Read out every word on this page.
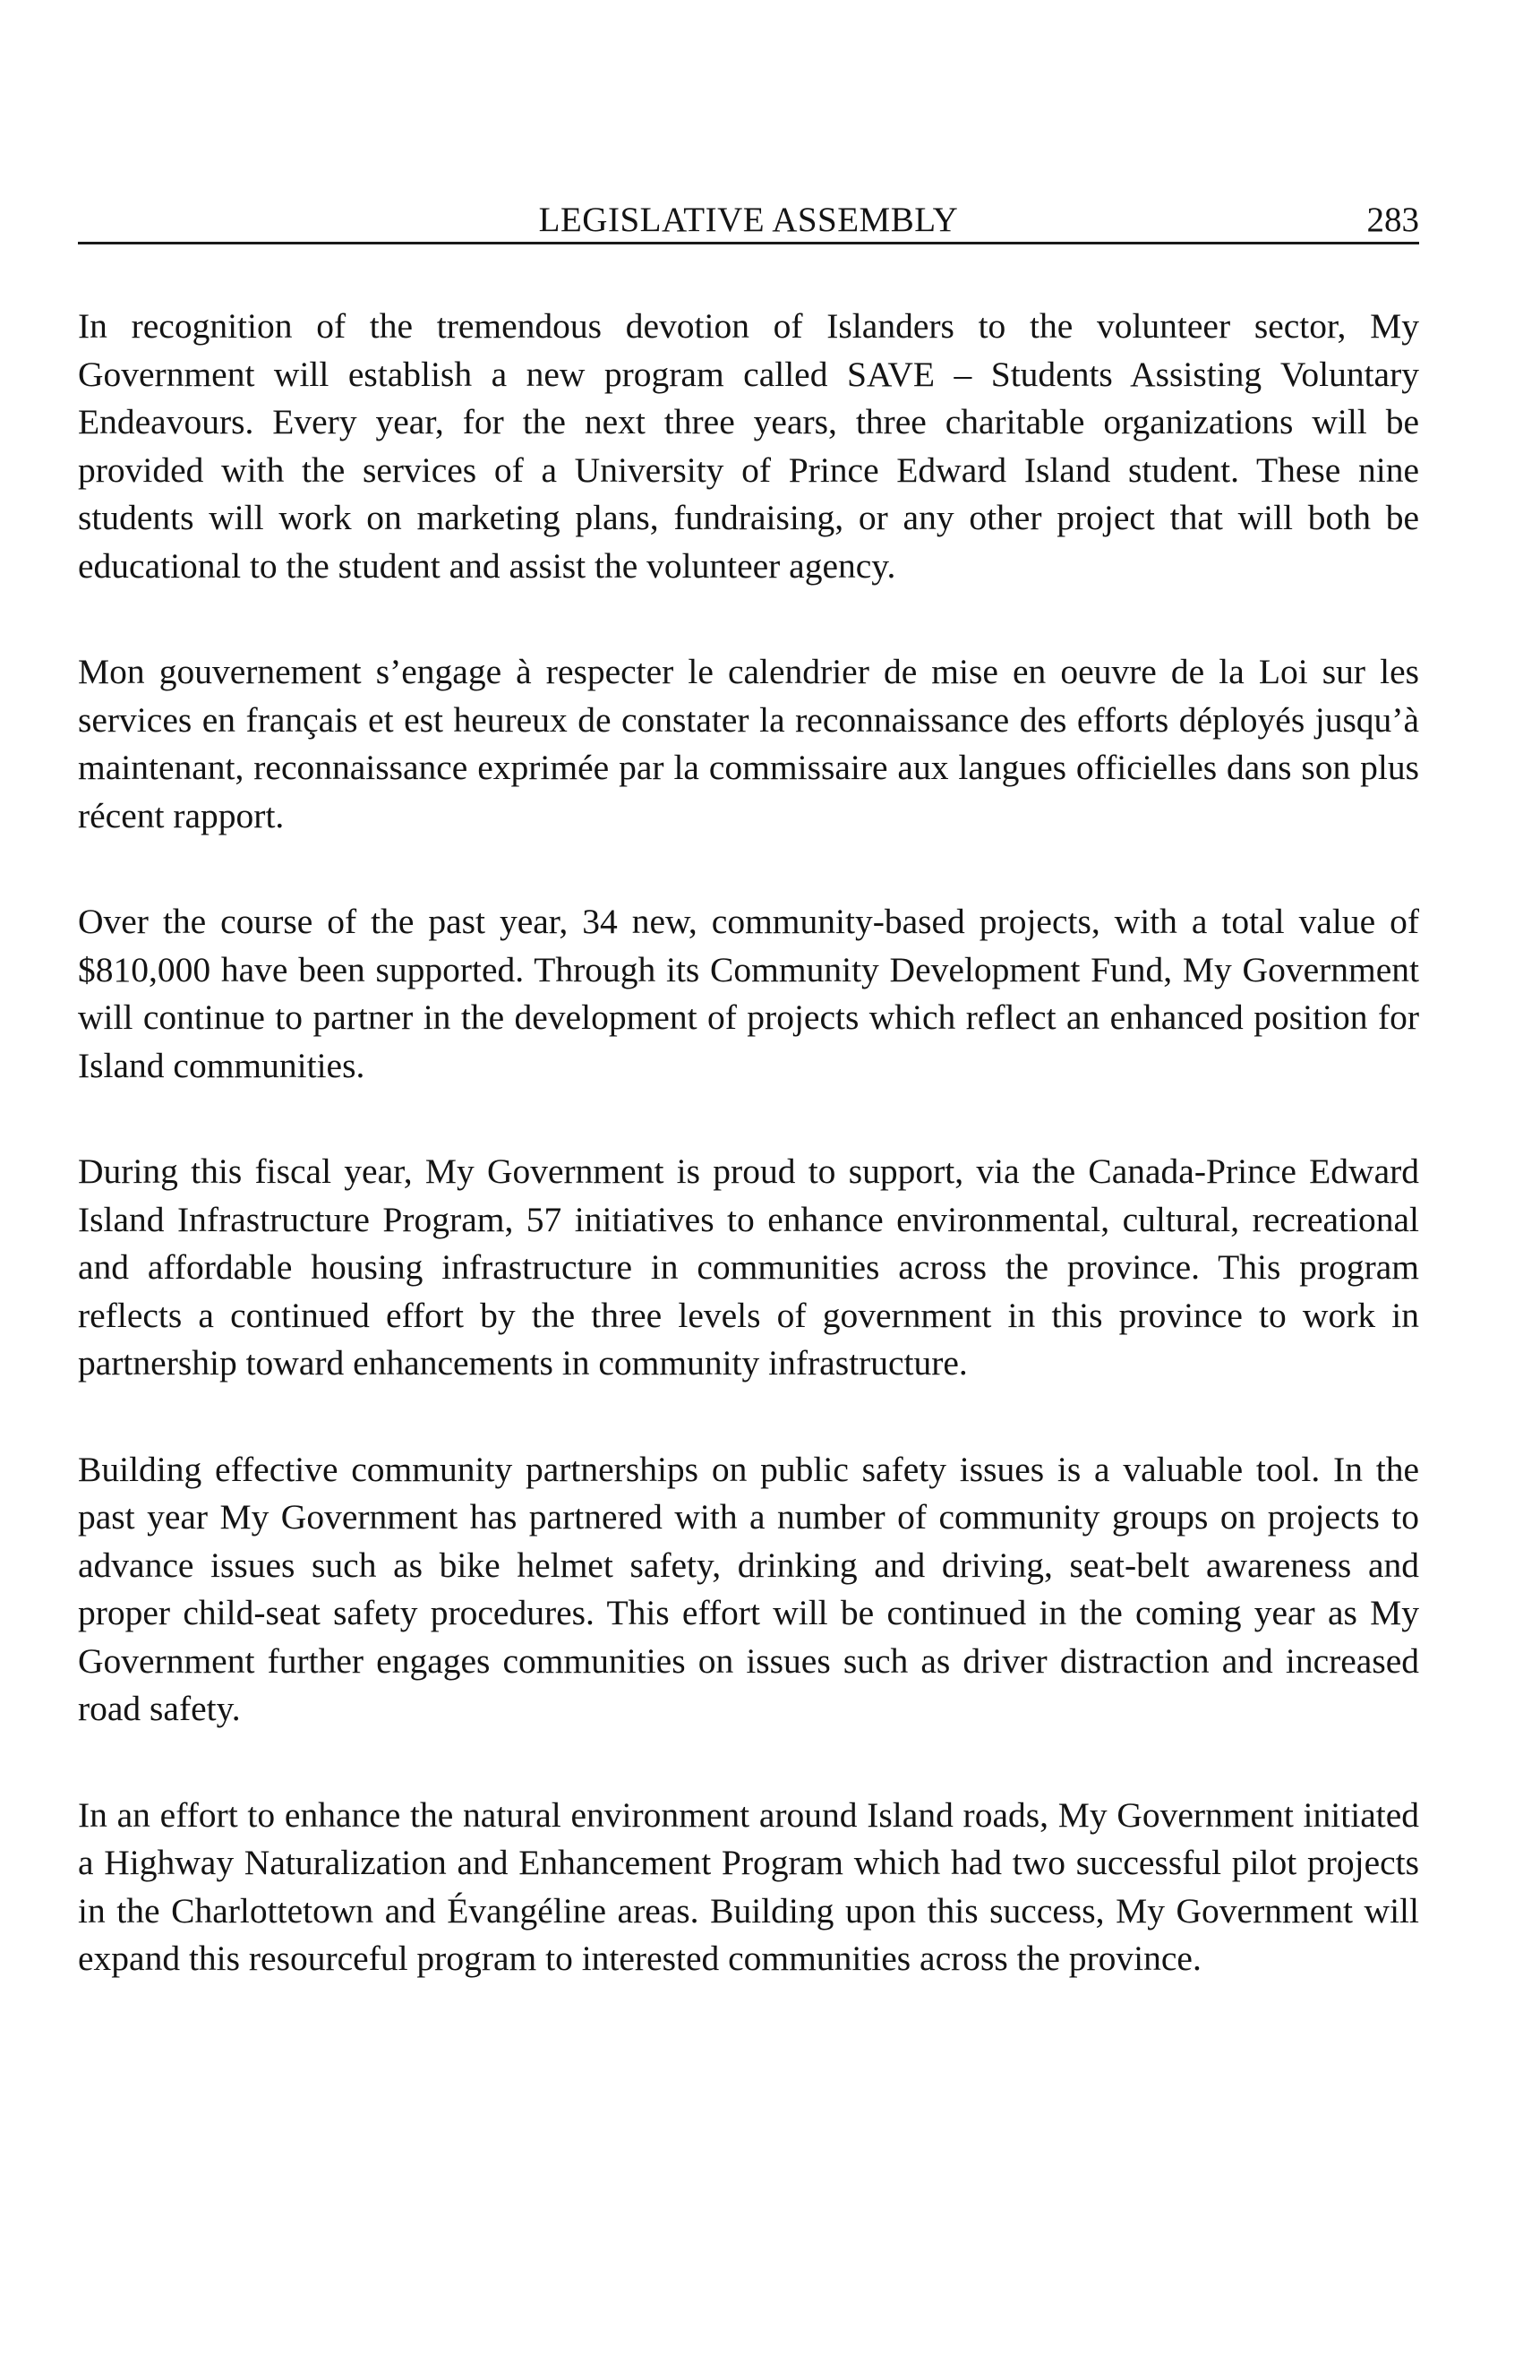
LEGISLATIVE ASSEMBLY	283

In recognition of the tremendous devotion of Islanders to the volunteer sector, My Government will establish a new program called SAVE – Students Assisting Voluntary Endeavours. Every year, for the next three years, three charitable organizations will be provided with the services of a University of Prince Edward Island student. These nine students will work on marketing plans, fundraising, or any other project that will both be educational to the student and assist the volunteer agency.

Mon gouvernement s’engage à respecter le calendrier de mise en oeuvre de la Loi sur les services en français et est heureux de constater la reconnaissance des efforts déployés jusqu’à maintenant, reconnaissance exprimée par la commissaire aux langues officielles dans son plus récent rapport.

Over the course of the past year, 34 new, community-based projects, with a total value of $810,000 have been supported. Through its Community Development Fund, My Government will continue to partner in the development of projects which reflect an enhanced position for Island communities.

During this fiscal year, My Government is proud to support, via the Canada-Prince Edward Island Infrastructure Program, 57 initiatives to enhance environmental, cultural, recreational and affordable housing infrastructure in communities across the province. This program reflects a continued effort by the three levels of government in this province to work in partnership toward enhancements in community infrastructure.

Building effective community partnerships on public safety issues is a valuable tool. In the past year My Government has partnered with a number of community groups on projects to advance issues such as bike helmet safety, drinking and driving, seat-belt awareness and proper child-seat safety procedures. This effort will be continued in the coming year as My Government further engages communities on issues such as driver distraction and increased road safety.

In an effort to enhance the natural environment around Island roads, My Government initiated a Highway Naturalization and Enhancement Program which had two successful pilot projects in the Charlottetown and Évangéline areas. Building upon this success, My Government will expand this resourceful program to interested communities across the province.
